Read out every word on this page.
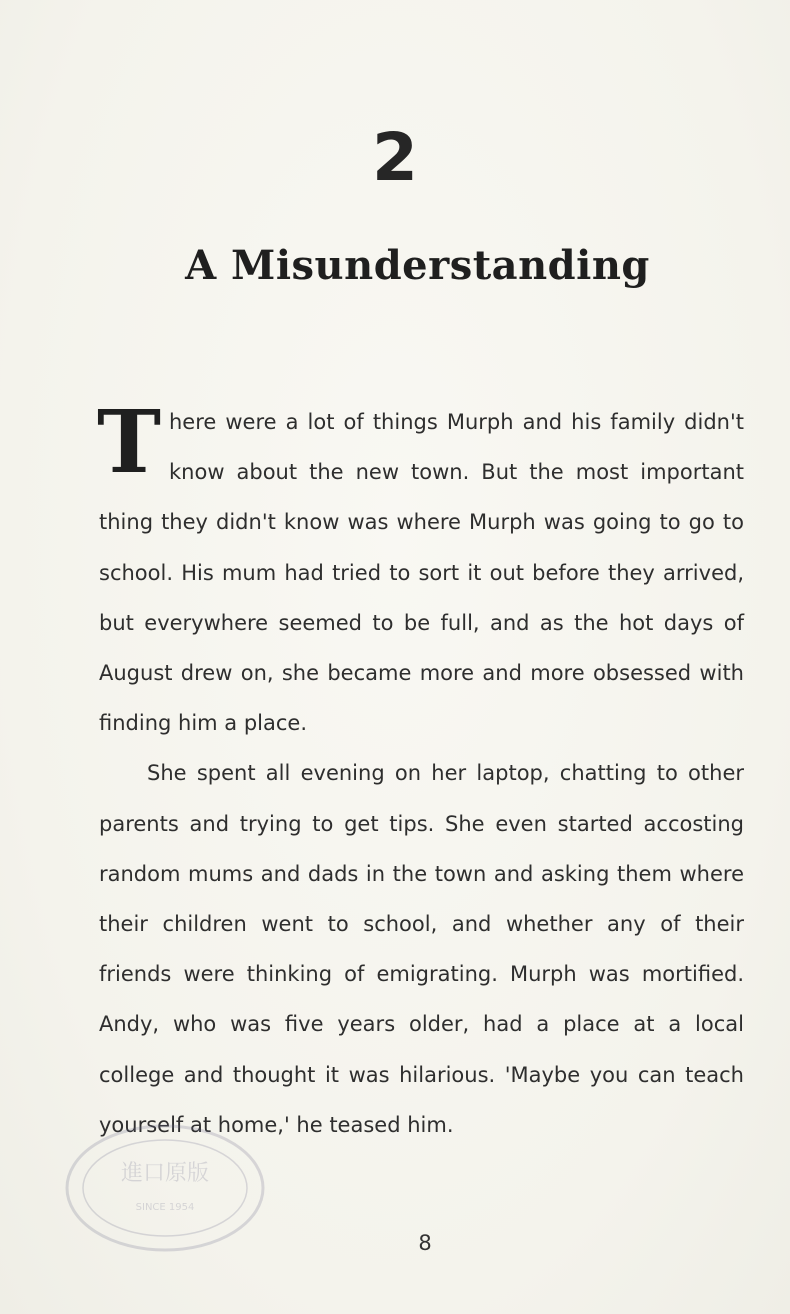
2
A Misunderstanding

There were a lot of things Murph and his family didn't know about the new town. But the most important thing they didn't know was where Murph was going to go to school. His mum had tried to sort it out before they arrived, but everywhere seemed to be full, and as the hot days of August drew on, she became more and more obsessed with finding him a place.

She spent all evening on her laptop, chatting to other parents and trying to get tips. She even started accosting random mums and dads in the town and asking them where their children went to school, and whether any of their friends were thinking of emigrating. Murph was mortified. Andy, who was five years older, had a place at a local college and thought it was hilarious. 'Maybe you can teach yourself at home,' he teased him.

進口原版
SINCE 1954
8
